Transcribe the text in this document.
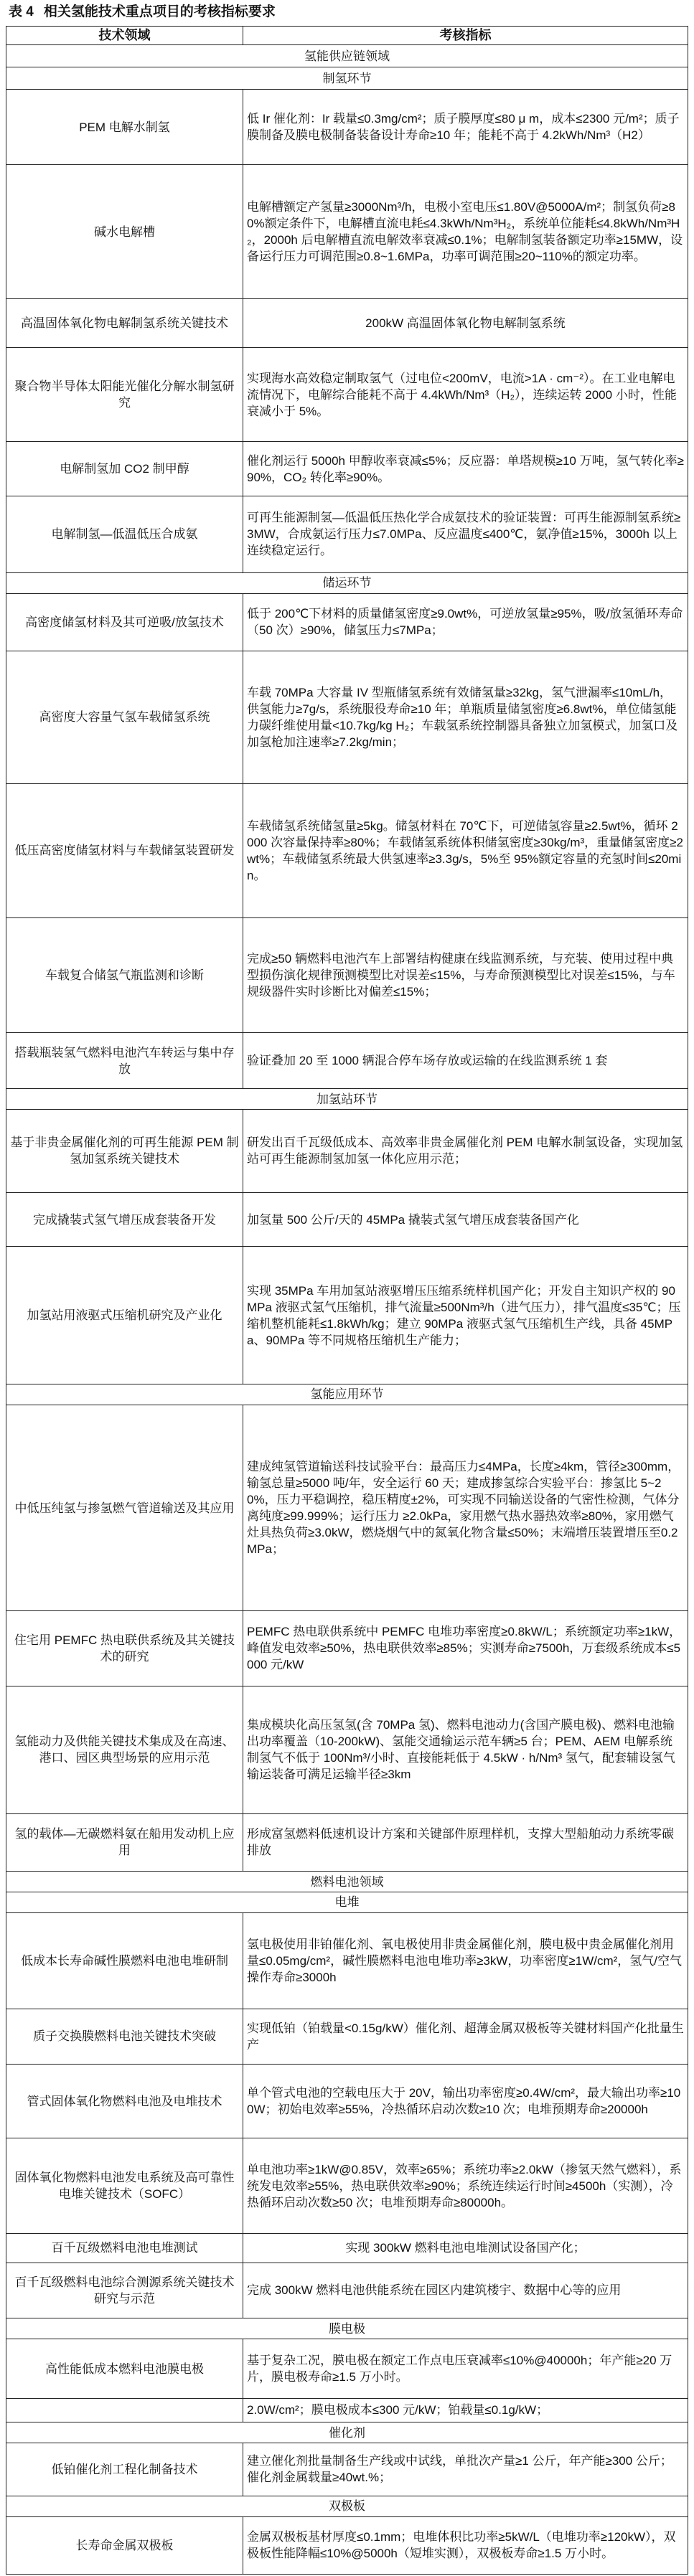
表 4 相关氢能技术重点项目的考核指标要求
技术领域	考核指标
氢能供应链领域	
制氢环节	
PEM 电解水制氢	低 Ir 催化剂：Ir 载量≤0.3mg/cm²；质子膜厚度≤80 μ m，成本≤2300 元/m²；质子膜制备及膜电极制备装备设计寿命≥10 年；能耗不高于 4.2kWh/Nm³（H2）
碱水电解槽	电解槽额定产氢量≥3000Nm³/h，电极小室电压≤1.80V@5000A/m²；制氢负荷≥80%额定条件下，电解槽直流电耗≤4.3kWh/Nm³H₂，系统单位能耗≤4.8kWh/Nm³H₂，2000h 后电解槽直流电解效率衰减≤0.1%；电解制氢装备额定功率≥15MW，设备运行压力可调范围≥0.8~1.6MPa，功率可调范围≥20~110%的额定功率。
高温固体氧化物电解制氢系统关键技术	200kW 高温固体氧化物电解制氢系统
聚合物半导体太阳能光催化分解水制氢研究	实现海水高效稳定制取氢气（过电位<200mV，电流>1A · cm⁻²）。在工业电解电流情况下，电解综合能耗不高于 4.4kWh/Nm³（H₂），连续运转 2000 小时，性能衰减小于 5%。
电解制氢加 CO2 制甲醇	催化剂运行 5000h 甲醇收率衰减≤5%；反应器：单塔规模≥10 万吨，氢气转化率≥90%，CO₂ 转化率≥90%。
电解制氢—低温低压合成氨	可再生能源制氢—低温低压热化学合成氨技术的验证装置：可再生能源制氢系统≥3MW，合成氨运行压力≤7.0MPa、反应温度≤400℃，氨净值≥15%，3000h 以上连续稳定运行。
储运环节	
高密度储氢材料及其可逆吸/放氢技术	低于 200℃下材料的质量储氢密度≥9.0wt%，可逆放氢量≥95%，吸/放氢循环寿命（50 次）≥90%，储氢压力≤7MPa；
高密度大容量气氢车载储氢系统	车载 70MPa 大容量 IV 型瓶储氢系统有效储氢量≥32kg，氢气泄漏率≤10mL/h，供氢能力≥7g/s，系统服役寿命≥10 年；单瓶质量储氢密度≥6.8wt%，单位储氢能力碳纤维使用量<10.7kg/kg H₂；车载氢系统控制器具备独立加氢模式，加氢口及加氢枪加注速率≥7.2kg/min；
低压高密度储氢材料与车载储氢装置研发	车载储氢系统储氢量≥5kg。储氢材料在 70℃下，可逆储氢容量≥2.5wt%，循环 2000 次容量保持率≥80%；车载储氢系统体积储氢密度≥30kg/m³，重量储氢密度≥2wt%；车载储氢系统最大供氢速率≥3.3g/s，5%至 95%额定容量的充氢时间≤20min。
车载复合储氢气瓶监测和诊断	完成≥50 辆燃料电池汽车上部署结构健康在线监测系统，与充装、使用过程中典型损伤演化规律预测模型比对误差≤15%，与寿命预测模型比对误差≤15%，与车规级器件实时诊断比对偏差≤15%；
搭载瓶装氢气燃料电池汽车转运与集中存放	验证叠加 20 至 1000 辆混合停车场存放或运输的在线监测系统 1 套
加氢站环节	
基于非贵金属催化剂的可再生能源 PEM 制氢加氢系统关键技术	研发出百千瓦级低成本、高效率非贵金属催化剂 PEM 电解水制氢设备，实现加氢站可再生能源制氢加氢一体化应用示范；
完成撬装式氢气增压成套装备开发	加氢量 500 公斤/天的 45MPa 撬装式氢气增压成套装备国产化
加氢站用液驱式压缩机研究及产业化	实现 35MPa 车用加氢站液驱增压压缩系统样机国产化；开发自主知识产权的 90MPa 液驱式氢气压缩机，排气流量≥500Nm³/h（进气压力），排气温度≤35℃；压缩机整机能耗≤1.8kWh/kg；建立 90MPa 液驱式氢气压缩机生产线，具备 45MPa、90MPa 等不同规格压缩机生产能力；
氢能应用环节	
中低压纯氢与掺氢燃气管道输送及其应用	建成纯氢管道输送科技试验平台：最高压力≤4MPa，长度≥4km，管径≥300mm，输氢总量≥5000 吨/年，安全运行 60 天；建成掺氢综合实验平台：掺氢比 5~20%，压力平稳调控，稳压精度±2%，可实现不同输送设备的气密性检测，气体分离纯度≥99.999%；运行压力 ≥2.0kPa，家用燃气热水器热效率≥80%，家用燃气灶具热负荷≥3.0kW，燃烧烟气中的氮氧化物含量≤50%；末端增压装置增压至0.2MPa；
住宅用 PEMFC 热电联供系统及其关键技术的研究	PEMFC 热电联供系统中 PEMFC 电堆功率密度≥0.8kW/L；系统额定功率≥1kW，峰值发电效率≥50%，热电联供效率≥85%；实测寿命≥7500h，万套级系统成本≤5000 元/kW
氢能动力及供能关键技术集成及在高速、港口、园区典型场景的应用示范	集成模块化高压氢氢(含 70MPa 氢)、燃料电池动力(含国产膜电极)、燃料电池输出功率覆盖（10-200kW)、氢能交通输运示范车辆≥5 台；PEM、AEM 电解系统制氢气不低于 100Nm³/小时、直接能耗低于 4.5kW · h/Nm³ 氢气，配套辅设氢气输运装备可满足运输半径≥3km
氢的载体—无碳燃料氨在船用发动机上应用	形成富氢燃料低速机设计方案和关键部件原理样机，支撑大型船舶动力系统零碳排放
燃料电池领域	
电堆	
低成本长寿命碱性膜燃料电池电堆研制	氢电极使用非铂催化剂、氧电极使用非贵金属催化剂，膜电极中贵金属催化剂用量≤0.05mg/cm²，碱性膜燃料电池电堆功率≥3kW，功率密度≥1W/cm²，氢气/空气操作寿命≥3000h
质子交换膜燃料电池关键技术突破	实现低铂（铂载量<0.15g/kW）催化剂、超薄金属双极板等关键材料国产化批量生产
管式固体氧化物燃料电池及电堆技术	单个管式电池的空载电压大于 20V，输出功率密度≥0.4W/cm²，最大输出功率≥100W；初始电效率≥55%，冷热循环启动次数≥10 次；电堆预期寿命≥20000h
固体氧化物燃料电池发电系统及高可靠性电堆关键技术（SOFC）	单电池功率≥1kW@0.85V，效率≥65%；系统功率≥2.0kW（掺氢天然气燃料），系统发电效率≥55%，热电联供效率≥90%；系统连续运行时间≥4500h（实测），冷热循环启动次数≥50 次；电堆预期寿命≥80000h。
百千瓦级燃料电池电堆测试	实现 300kW 燃料电池电堆测试设备国产化；
百千瓦级燃料电池综合测源系统关键技术研究与示范	完成 300kW 燃料电池供能系统在园区内建筑楼宇、数据中心等的应用
膜电极	
高性能低成本燃料电池膜电极	基于复杂工况，膜电极在额定工作点电压衰减率≤10%@40000h；年产能≥20 万片，膜电极寿命≥1.5 万小时。
	2.0W/cm²；膜电极成本≤300 元/kW；铂载量≤0.1g/kW；
催化剂	
低铂催化剂工程化制备技术	建立催化剂批量制备生产线或中试线，单批次产量≥1 公斤，年产能≥300 公斤；催化剂金属载量≥40wt.%；
双极板	
长寿命金属双极板	金属双极板基材厚度≤0.1mm；电堆体积比功率≥5kW/L（电堆功率≥120kW），双极板性能降幅≤10%@5000h（短堆实测），双极板寿命≥1.5 万小时。
